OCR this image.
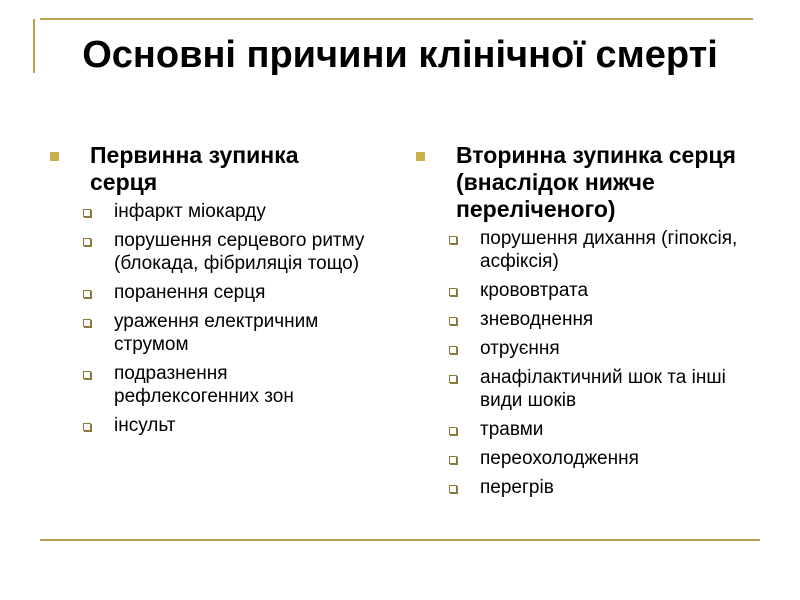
Основні причини клінічної смерті
Первинна зупинка серця
інфаркт міокарду
порушення серцевого ритму (блокада, фібриляція тощо)
поранення серця
ураження електричним струмом
подразнення рефлексогенних зон
інсульт
Вторинна зупинка серця (внаслідок нижче переліченого)
порушення дихання (гіпоксія, асфіксія)
крововтрата
зневоднення
отруєння
анафілактичний шок та інші види шоків
травми
переохолодження
перегрів
